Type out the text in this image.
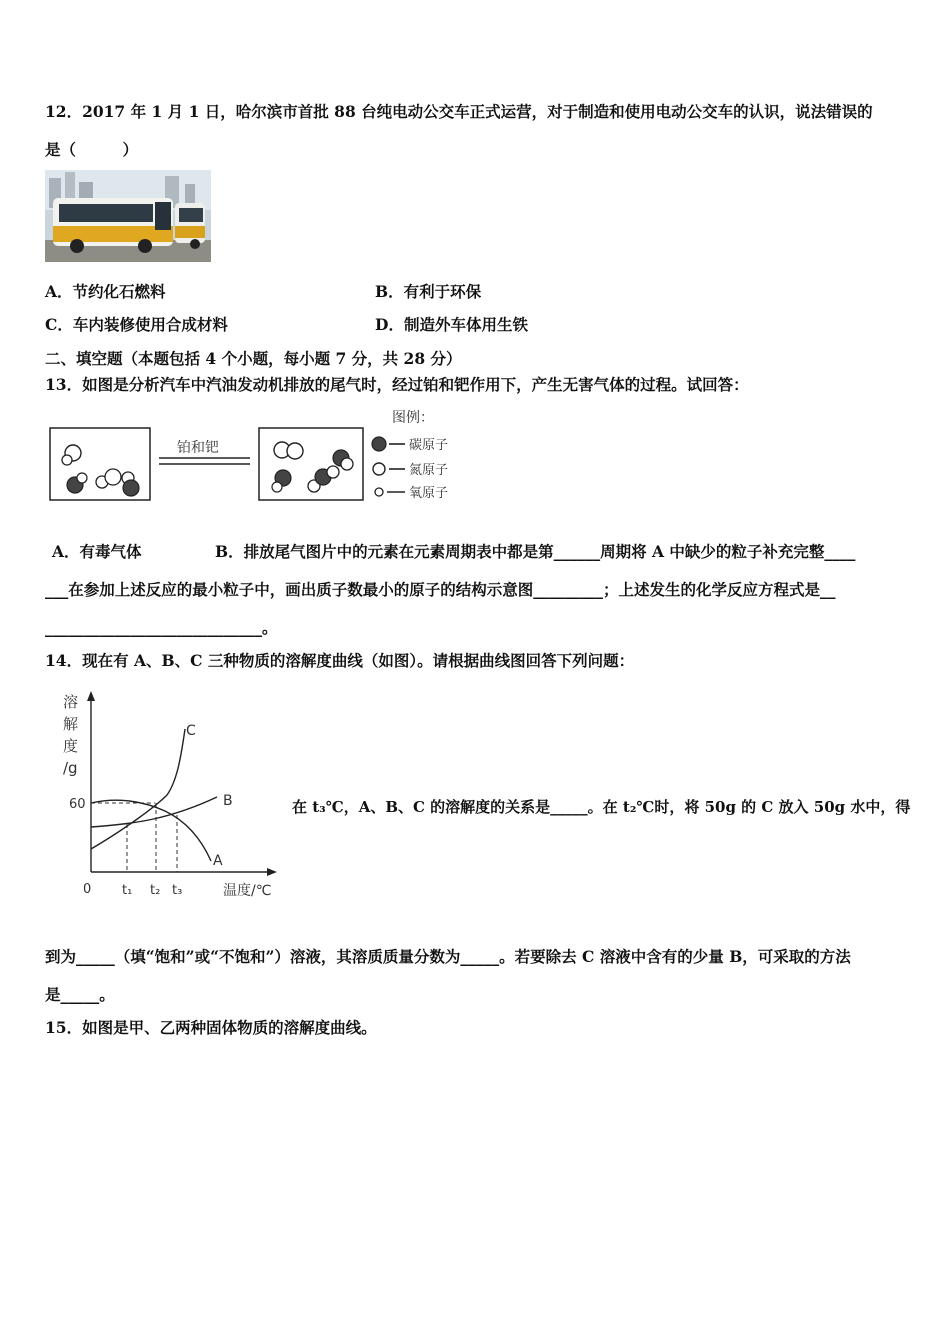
12．2017 年 1 月 1 日，哈尔滨市首批 88 台纯电动公交车正式运营，对于制造和使用电动公交车的认识，说法错误的
是（　　　）
A．节约化石燃料	B．有利于环保
C．车内装修使用合成材料	D．制造外车体用生铁
二、填空题（本题包括 4 个小题，每小题 7 分，共 28 分）
13．如图是分析汽车中汽油发动机排放的尾气时，经过铂和钯作用下，产生无害气体的过程。试回答：
铂和钯
图例：
碳原子
氮原子
氧原子
A．有毒气体	B．排放尾气图片中的元素在元素周期表中都是第______周期将 A 中缺少的粒子补充完整____
___在参加上述反应的最小粒子中，画出质子数最小的原子的结构示意图_________；上述发生的化学反应方程式是__
____________________________。
14．现在有 A、B、C 三种物质的溶解度曲线（如图）。请根据曲线图回答下列问题：
溶
解
度
/g
60
0 t₁ t₂ t₃	温度/℃
A
B
C
在 t₃℃，A、B、C 的溶解度的关系是_____。在 t₂℃时，将 50g 的 C 放入 50g 水中，得
到为_____（填“饱和”或“不饱和”）溶液，其溶质质量分数为_____。若要除去 C 溶液中含有的少量 B，可采取的方法
是_____。
15．如图是甲、乙两种固体物质的溶解度曲线。
